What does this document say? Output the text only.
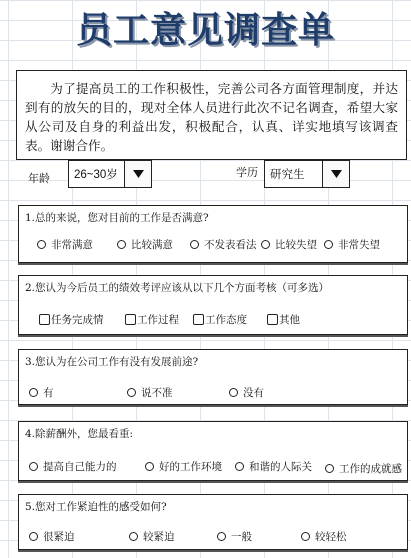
员工意见调查单

为了提高员工的工作积极性，完善公司各方面管理制度，并达到有的放矢的目的，现对全体人员进行此次不记名调查，希望大家从公司及自身的利益出发，积极配合，认真、详实地填写该调查表。谢谢合作。

年龄	26~30岁	学历	研究生
1.总的来说，您对目前的工作是否满意?
非常满意	比较满意	不发表看法 比较失望 非常失望
2.您认为今后员工的绩效考评应该从以下几个方面考核（可多选）
任务完成情	工作过程 工作态度	其他
3.您认为在公司工作有没有发展前途?
有	说不准	没有
4.除薪酬外，您最看重:
提高自己能力的	好的工作环境	和谐的人际关	工作的成就感
5.您对工作紧迫性的感受如何?
很紧迫	较紧迫	一般	较轻松
